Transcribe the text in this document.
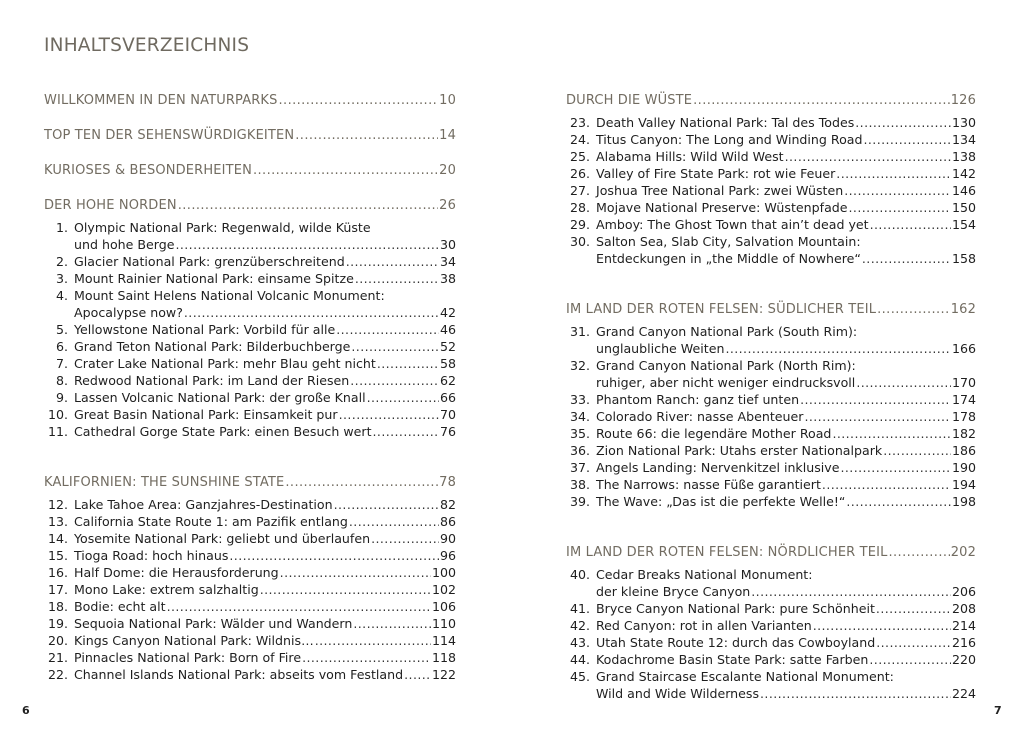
INHALTSVERZEICHNIS
WILLKOMMEN IN DEN NATURPARKS .....	10
TOP TEN DER SEHENSWÜRDIGKEITEN .....	14
KURIOSES & BESONDERHEITEN .....	20
DER HOHE NORDEN .....	26
1. Olympic National Park: Regenwald, wilde Küste
und hohe Berge .....	30
2. Glacier National Park: grenzüberschreitend .....	34
3. Mount Rainier National Park: einsame Spitze .....	38
4. Mount Saint Helens National Volcanic Monument:
Apocalypse now? .....	42
5. Yellowstone National Park: Vorbild für alle .....	46
6. Grand Teton National Park: Bilderbuchberge .....	52
7. Crater Lake National Park: mehr Blau geht nicht .....	58
8. Redwood National Park: im Land der Riesen .....	62
9. Lassen Volcanic National Park: der große Knall .....	66
10. Great Basin National Park: Einsamkeit pur .....	70
11. Cathedral Gorge State Park: einen Besuch wert .....	76
KALIFORNIEN: THE SUNSHINE STATE .....	78
12. Lake Tahoe Area: Ganzjahres-Destination .....	82
13. California State Route 1: am Pazifik entlang .....	86
14. Yosemite National Park: geliebt und überlaufen .....	90
15. Tioga Road: hoch hinaus .....	96
16. Half Dome: die Herausforderung .....	100
17. Mono Lake: extrem salzhaltig .....	102
18. Bodie: echt alt .....	106
19. Sequoia National Park: Wälder und Wandern .....	110
20. Kings Canyon National Park: Wildnis… .....	114
21. Pinnacles National Park: Born of Fire .....	118
22. Channel Islands National Park: abseits vom Festland ..... 122
DURCH DIE WÜSTE .....	126
23. Death Valley National Park: Tal des Todes .....	130
24. Titus Canyon: The Long and Winding Road .....	134
25. Alabama Hills: Wild Wild West .....	138
26. Valley of Fire State Park: rot wie Feuer .....	142
27. Joshua Tree National Park: zwei Wüsten .....	146
28. Mojave National Preserve: Wüstenpfade .....	150
29. Amboy: The Ghost Town that ain’t dead yet .....	154
30. Salton Sea, Slab City, Salvation Mountain:
Entdeckungen in „the Middle of Nowhere“ .....	158
IM LAND DER ROTEN FELSEN: SÜDLICHER TEIL .....	162
31. Grand Canyon National Park (South Rim):
unglaubliche Weiten .....	166
32. Grand Canyon National Park (North Rim):
ruhiger, aber nicht weniger eindrucksvoll .....	170
33. Phantom Ranch: ganz tief unten .....	174
34. Colorado River: nasse Abenteuer .....	178
35. Route 66: die legendäre Mother Road .....	182
36. Zion National Park: Utahs erster Nationalpark .....	186
37. Angels Landing: Nervenkitzel inklusive .....	190
38. The Narrows: nasse Füße garantiert .....	194
39. The Wave: „Das ist die perfekte Welle!“ .....	198
IM LAND DER ROTEN FELSEN: NÖRDLICHER TEIL .....	202
40. Cedar Breaks National Monument:
der kleine Bryce Canyon .....	206
41. Bryce Canyon National Park: pure Schönheit .....	208
42. Red Canyon: rot in allen Varianten .....	214
43. Utah State Route 12: durch das Cowboyland .....	216
44. Kodachrome Basin State Park: satte Farben .....	220
45. Grand Staircase Escalante National Monument:
Wild and Wide Wilderness .....	224
6	7
